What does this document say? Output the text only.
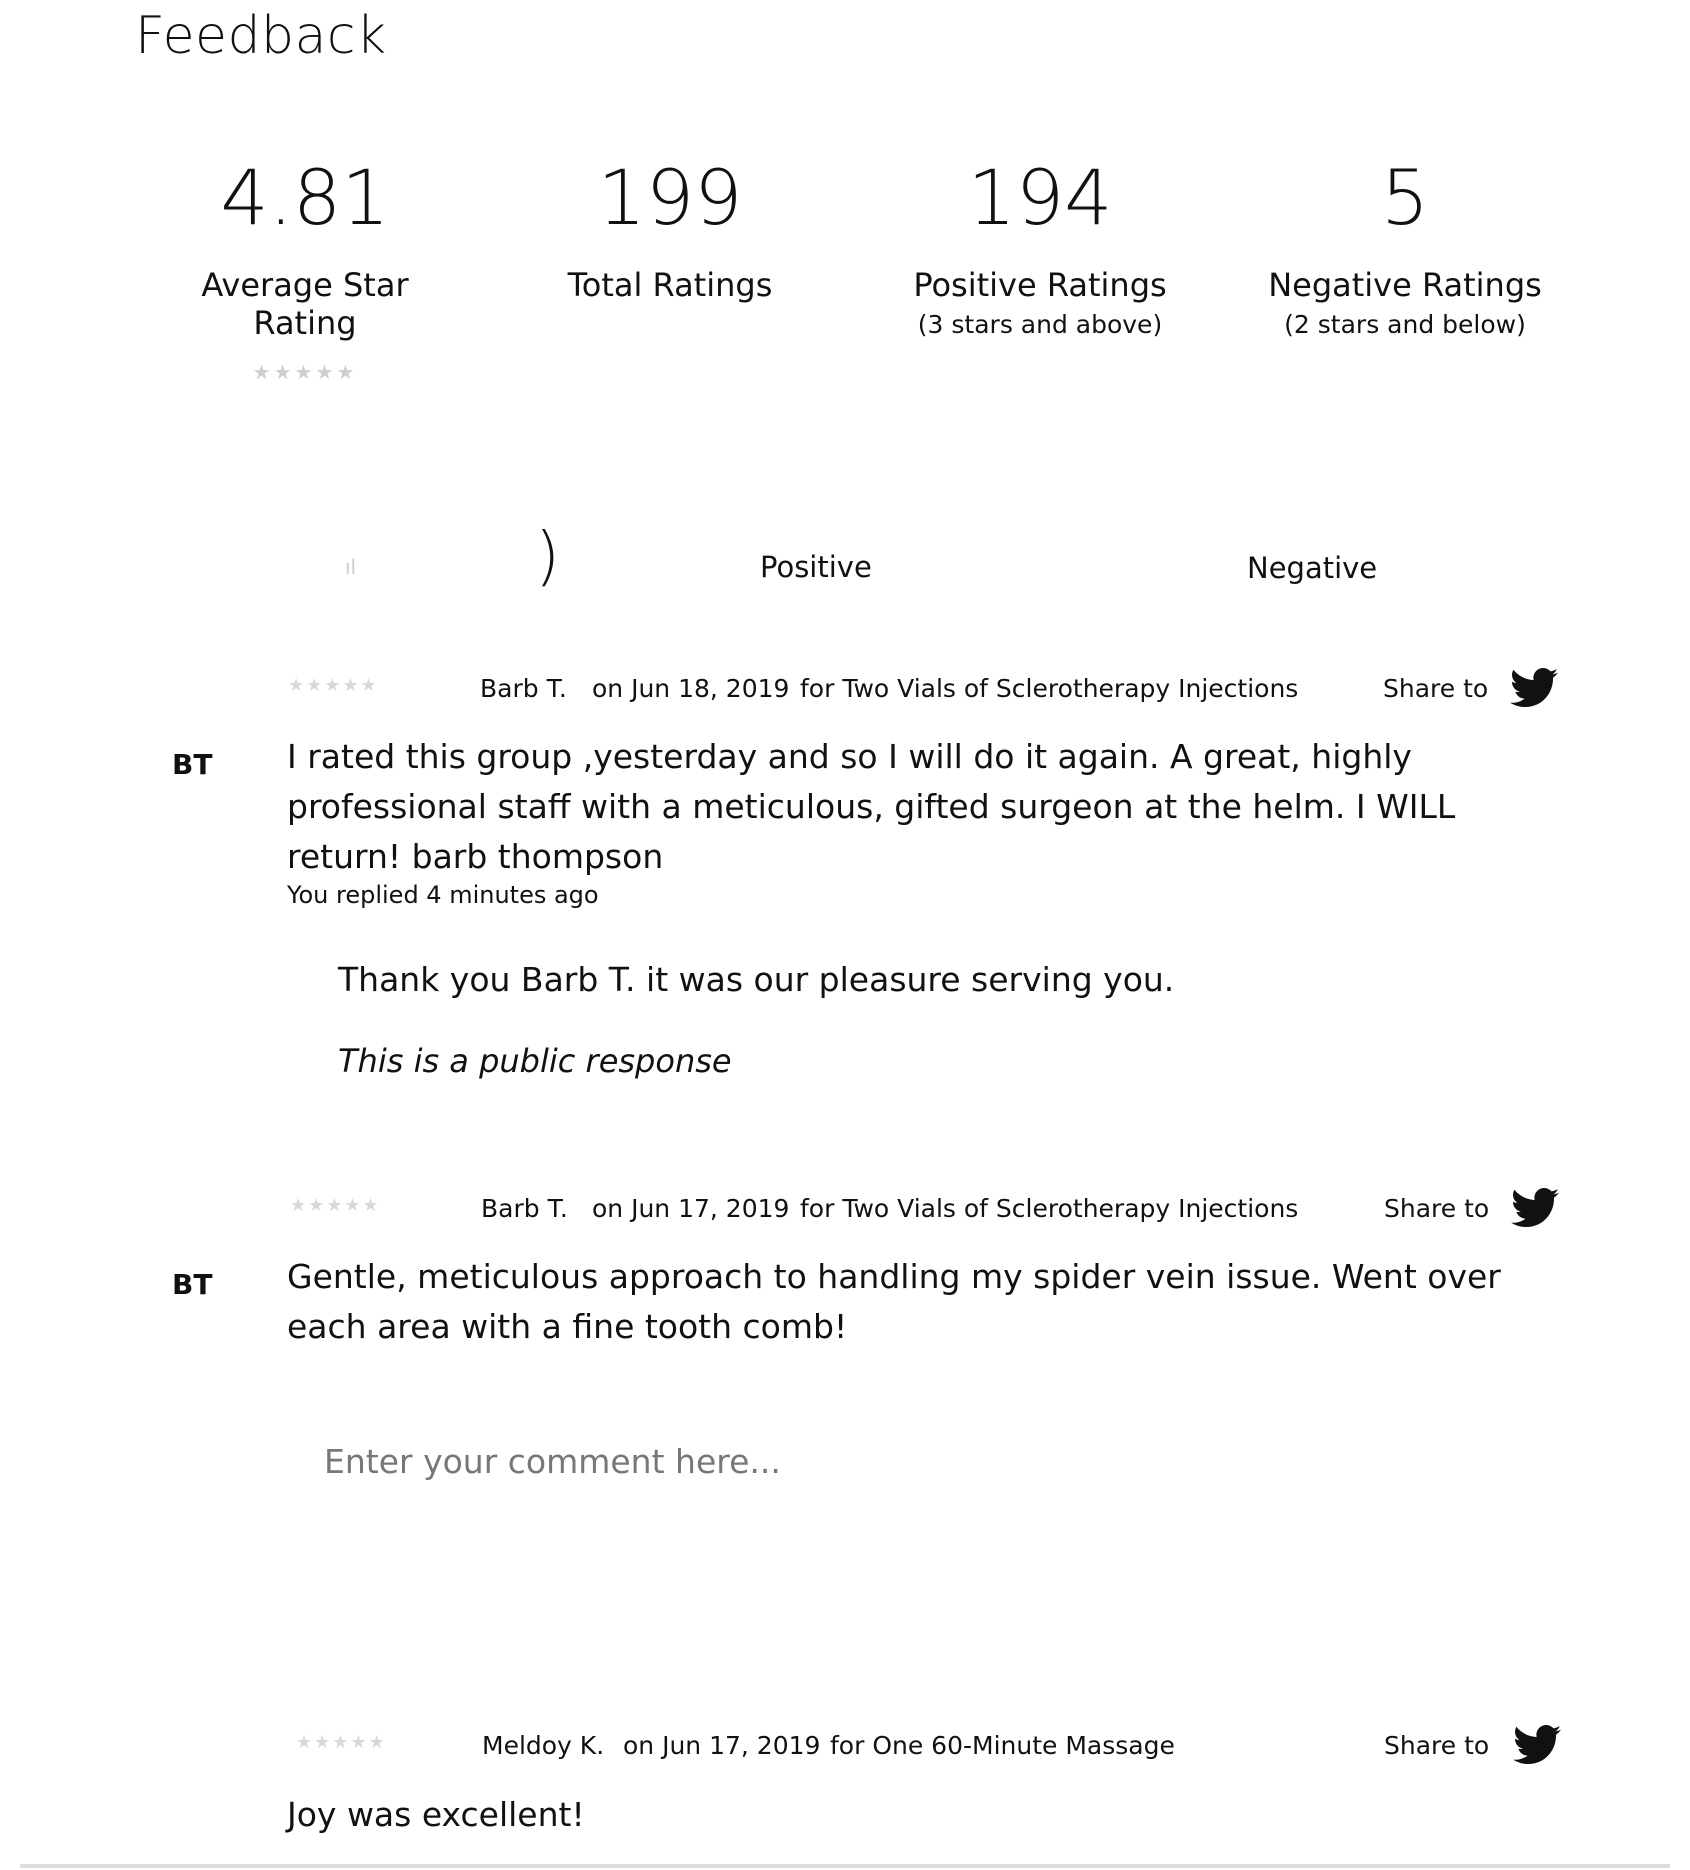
Feedback
4.81
Average Star Rating
★★★★★
199
Total Ratings
194
Positive Ratings
(3 stars and above)
5
Negative Ratings
(2 stars and below)
ıl	)	Positive	Negative
★★★★★	Barb T. on Jun 18, 2019 for Two Vials of Sclerotherapy Injections	Share to
BT I rated this group ,yesterday and so I will do it again. A great, highly professional staff with a meticulous, gifted surgeon at the helm. I WILL return! barb thompson
You replied 4 minutes ago
Thank you Barb T. it was our pleasure serving you.
This is a public response
★★★★★	Barb T. on Jun 17, 2019 for Two Vials of Sclerotherapy Injections	Share to
BT Gentle, meticulous approach to handling my spider vein issue. Went over each area with a fine tooth comb!
Enter your comment here...
★★★★★	Meldoy K. on Jun 17, 2019 for One 60-Minute Massage	Share to
Joy was excellent!
